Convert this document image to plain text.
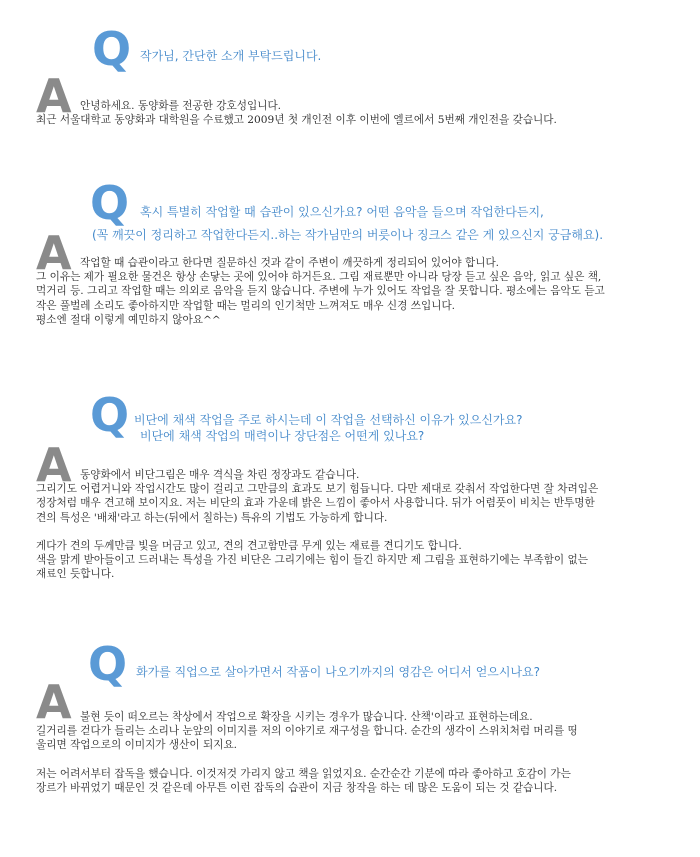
Q 작가님, 간단한 소개 부탁드립니다.
A 안녕하세요. 동양화를 전공한 강호성입니다.

최근 서울대학교 동양화과 대학원을 수료했고 2009년 첫 개인전 이후 이번에 엘르에서 5번째 개인전을 갖습니다.

Q 혹시 특별히 작업할 때 습관이 있으신가요? 어떤 음악을 들으며 작업한다든지,
(꼭 깨끗이 정리하고 작업한다든지..하는 작가님만의 버릇이나 징크스 같은 게 있으신지 궁금해요).
A 작업할 때 습관이라고 한다면 질문하신 것과 같이 주변이 깨끗하게 정리되어 있어야 합니다.

그 이유는 제가 필요한 물건은 항상 손닿는 곳에 있어야 하거든요. 그림 재료뿐만 아니라 당장 듣고 싶은 음악, 읽고 싶은 책,

먹거리 등. 그리고 작업할 때는 의외로 음악을 듣지 않습니다. 주변에 누가 있어도 작업을 잘 못합니다. 평소에는 음악도 듣고

작은 풀벌레 소리도 좋아하지만 작업할 때는 멀리의 인기척만 느껴져도 매우 신경 쓰입니다.

평소엔 절대 이렇게 예민하지 않아요^^

Q 비단에 채색 작업을 주로 하시는데 이 작업을 선택하신 이유가 있으신가요?
비단에 채색 작업의 매력이나 장단점은 어떤게 있나요?
A 동양화에서 비단그림은 매우 격식을 차린 정장과도 같습니다.

그리기도 어렵거니와 작업시간도 많이 걸리고 그만큼의 효과도 보기 힘듭니다. 다만 제대로 갖춰서 작업한다면 잘 차려입은

정장처럼 매우 견고해 보이지요. 저는 비단의 효과 가운데 밝은 느낌이 좋아서 사용합니다. 뒤가 어렴풋이 비치는 반투명한

견의 특성은 '배채'라고 하는(뒤에서 칠하는) 특유의 기법도 가능하게 합니다.

게다가 견의 두께만큼 빛을 머금고 있고, 견의 견고함만큼 무게 있는 재료를 견디기도 합니다.

색을 맑게 받아들이고 드러내는 특성을 가진 비단은 그리기에는 힘이 들긴 하지만 제 그림을 표현하기에는 부족함이 없는

재료인 듯합니다.

Q 화가를 직업으로 살아가면서 작품이 나오기까지의 영감은 어디서 얻으시나요?
A 불현 듯이 떠오르는 착상에서 작업으로 확장을 시키는 경우가 많습니다. 산책'이라고 표현하는데요.

길거리를 걷다가 들리는 소리나 눈앞의 이미지를 저의 이야기로 재구성을 합니다. 순간의 생각이 스위치처럼 머리를 띵

울리면 작업으로의 이미지가 생산이 되지요.

저는 어려서부터 잡독을 했습니다. 이것저것 가리지 않고 책을 읽었지요. 순간순간 기분에 따라 좋아하고 호감이 가는

장르가 바뀌었기 때문인 것 같은데 아무튼 이런 잡독의 습관이 지금 창작을 하는 데 많은 도움이 되는 것 같습니다.
